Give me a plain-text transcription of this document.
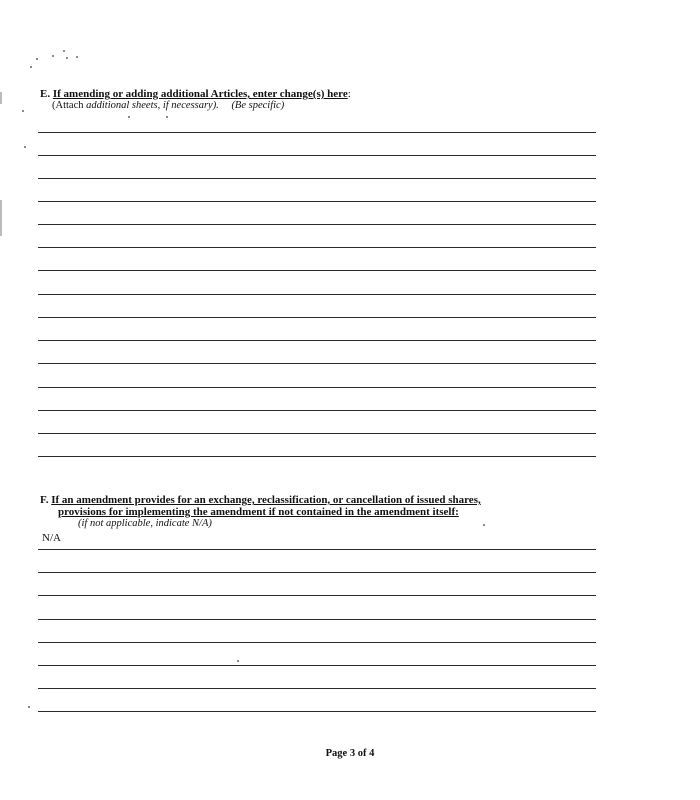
E. If amending or adding additional Articles, enter change(s) here:
(Attach additional sheets, if necessary). (Be specific)
F. If an amendment provides for an exchange, reclassification, or cancellation of issued shares,
provisions for implementing the amendment if not contained in the amendment itself:
(if not applicable, indicate N/A)
N/A
Page 3 of 4
